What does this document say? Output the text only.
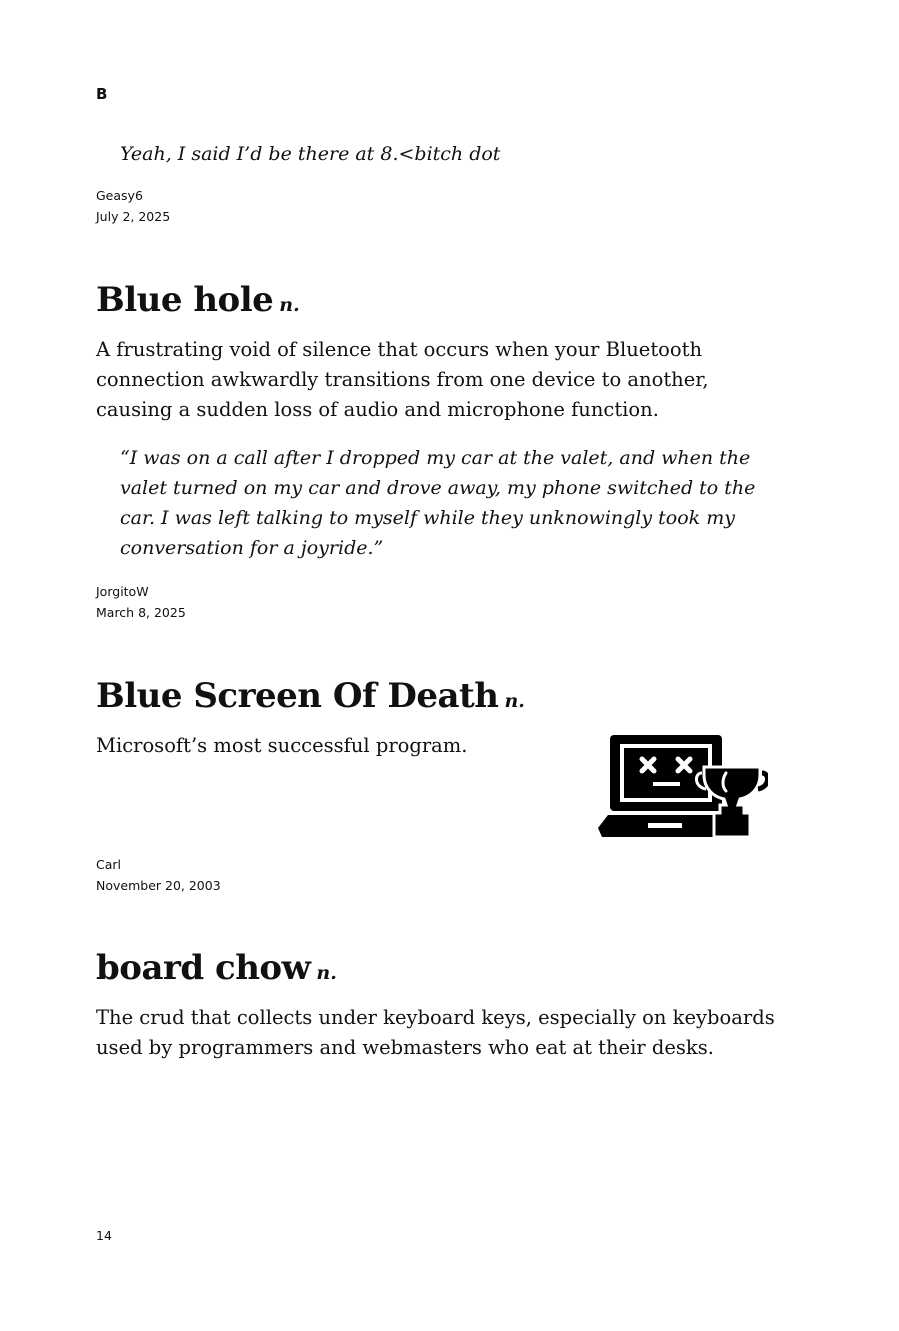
B

Yeah, I said I’d be there at 8.<bitch dot

Geasy6
July 2, 2025
Blue hole n.

A frustrating void of silence that occurs when your Bluetooth connection awkwardly transitions from one device to another, causing a sudden loss of audio and microphone function.

“I was on a call after I dropped my car at the valet, and when the valet turned on my car and drove away, my phone switched to the car. I was left talking to myself while they unknowingly took my conversation for a joyride.”

JorgitoW
March 8, 2025
Blue Screen Of Death n.

Microsoft’s most successful program.

Carl
November 20, 2003
board chow n.

The crud that collects under keyboard keys, especially on keyboards used by programmers and webmasters who eat at their desks.

14
